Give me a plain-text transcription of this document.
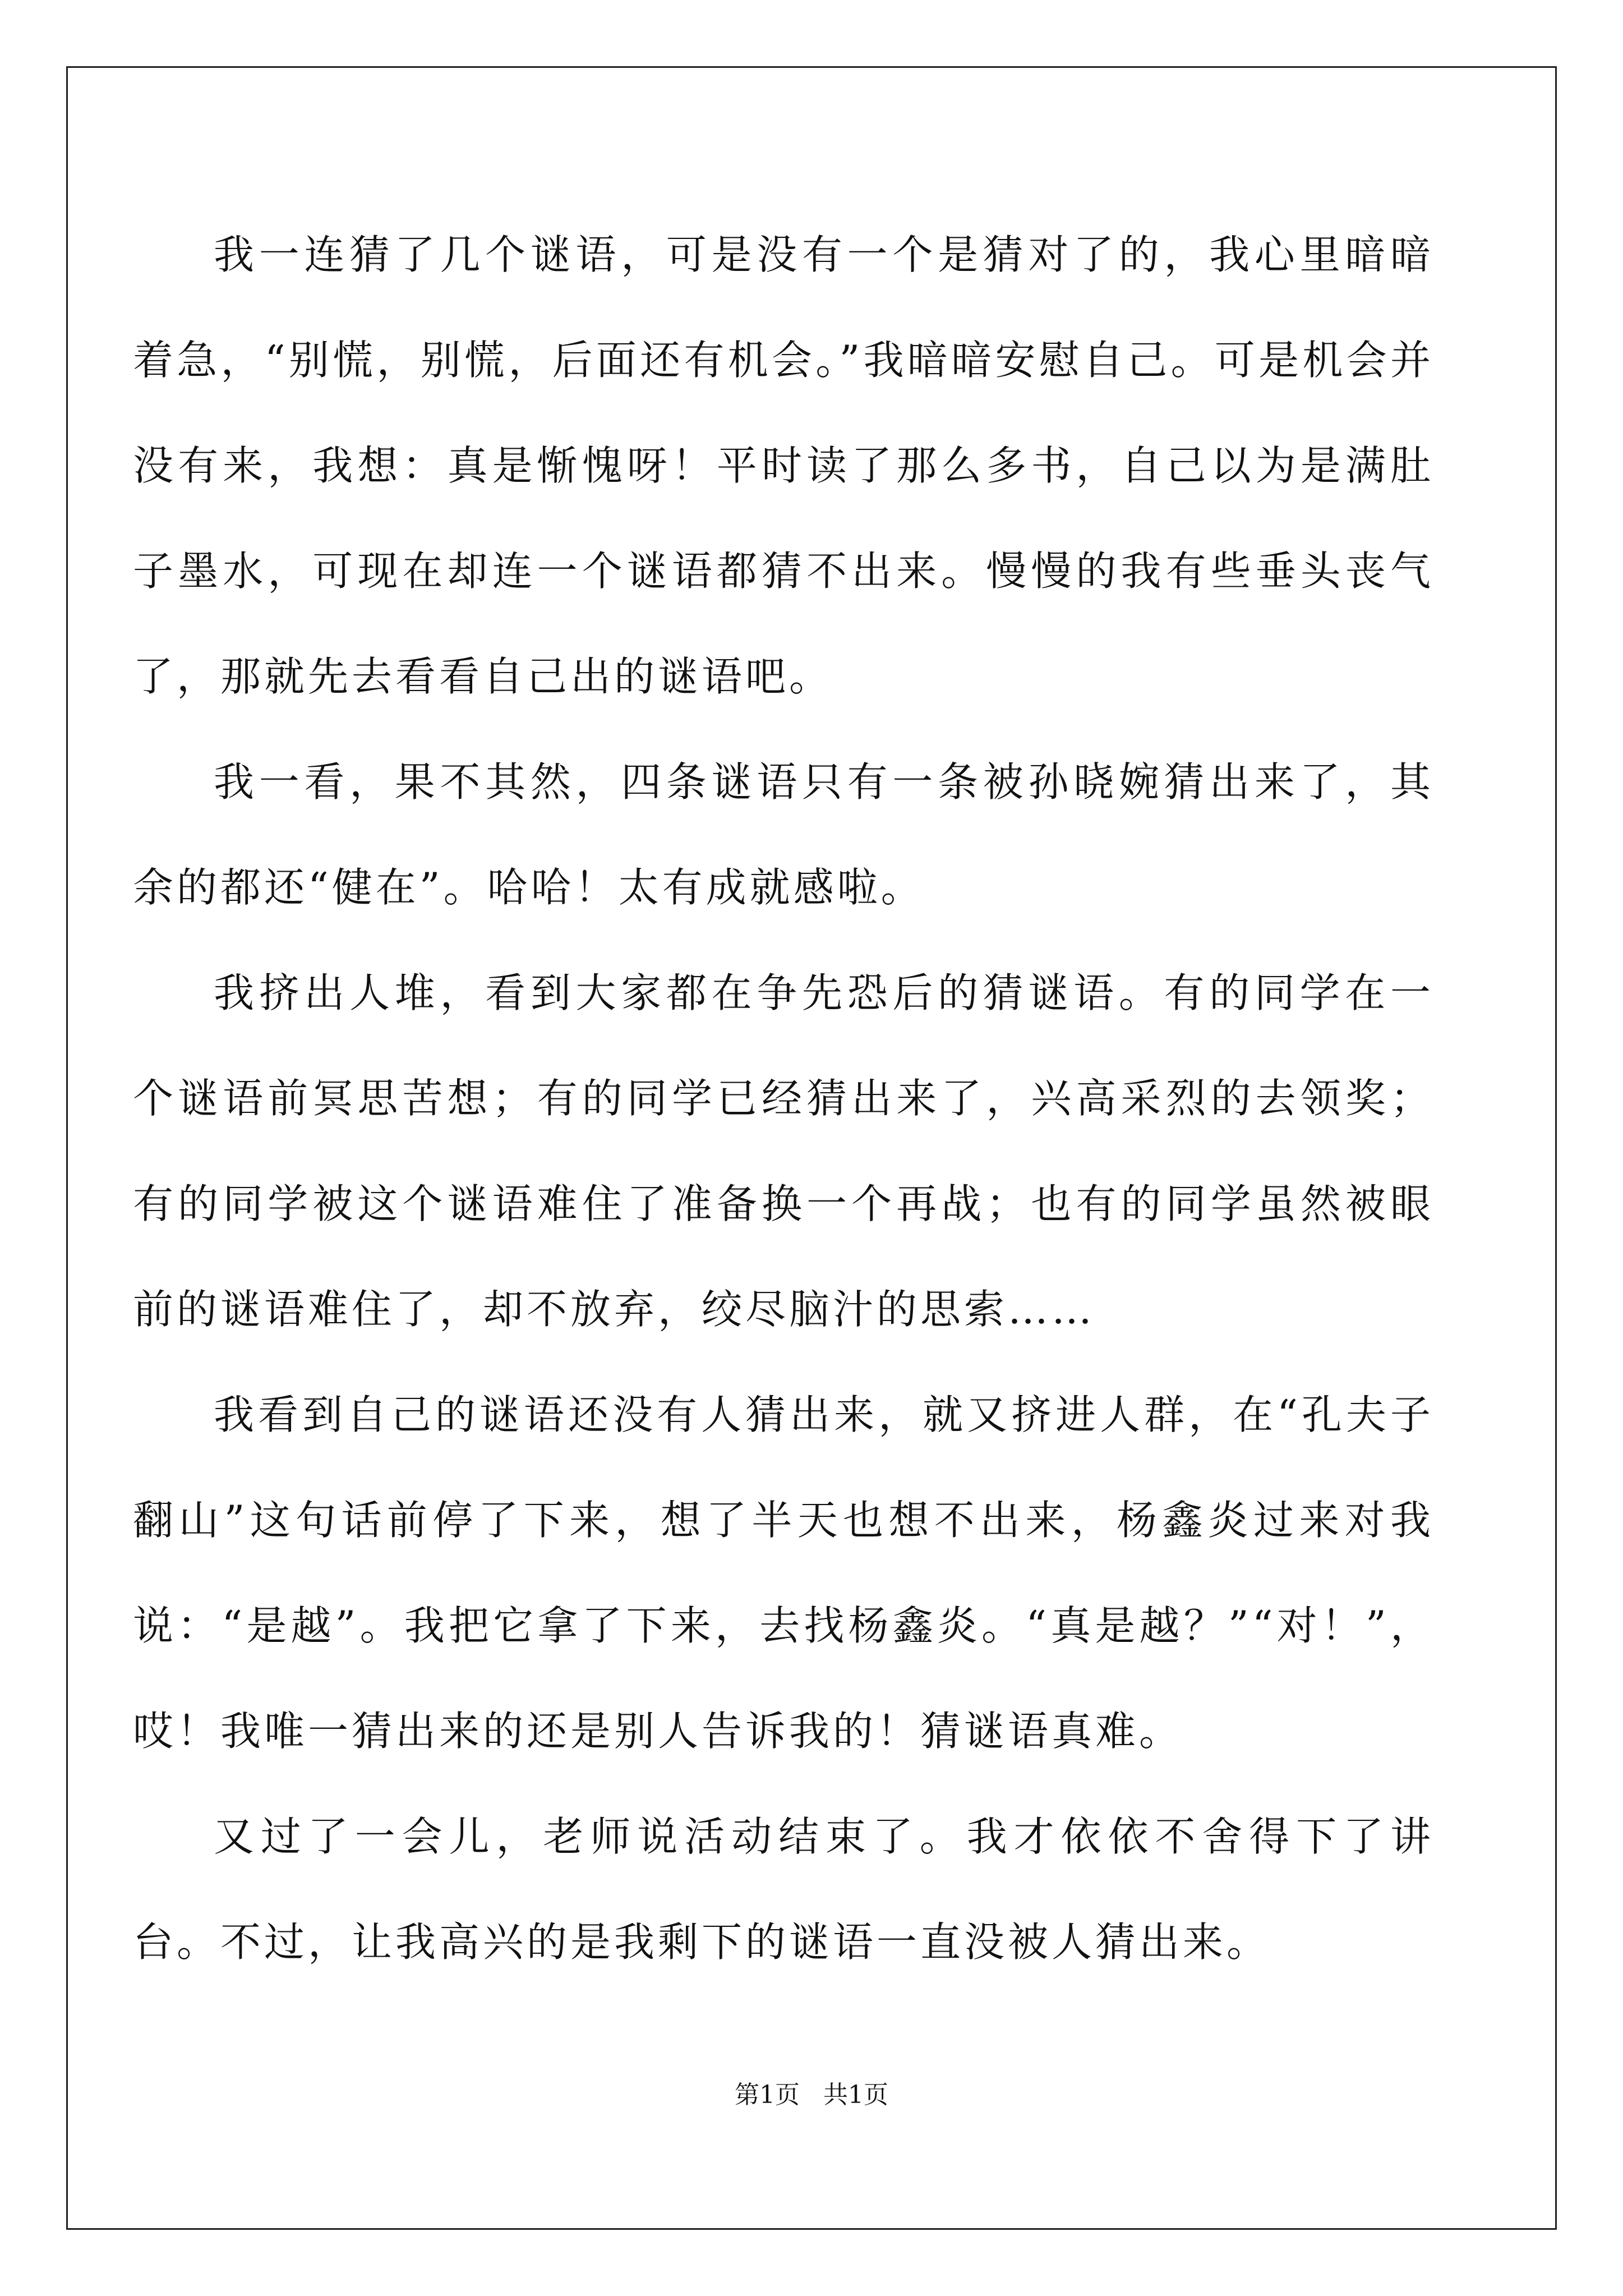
我一连猜了几个谜语，可是没有一个是猜对了的，我心里暗暗着急，“别慌，别慌，后面还有机会。”我暗暗安慰自己。可是机会并没有来，我想：真是惭愧呀！平时读了那么多书，自己以为是满肚子墨水，可现在却连一个谜语都猜不出来。慢慢的我有些垂头丧气了，那就先去看看自己出的谜语吧。

我一看，果不其然，四条谜语只有一条被孙晓婉猜出来了，其余的都还“健在”。哈哈！太有成就感啦。

我挤出人堆，看到大家都在争先恐后的猜谜语。有的同学在一个谜语前冥思苦想；有的同学已经猜出来了，兴高采烈的去领奖；有的同学被这个谜语难住了准备换一个再战；也有的同学虽然被眼前的谜语难住了，却不放弃，绞尽脑汁的思索……

我看到自己的谜语还没有人猜出来，就又挤进人群，在“孔夫子翻山”这句话前停了下来，想了半天也想不出来，杨鑫炎过来对我说：“是越”。我把它拿了下来，去找杨鑫炎。“真是越？”“对！”，哎！我唯一猜出来的还是别人告诉我的！猜谜语真难。

又过了一会儿，老师说活动结束了。我才依依不舍得下了讲台。不过，让我高兴的是我剩下的谜语一直没被人猜出来。

第1页 共1页
